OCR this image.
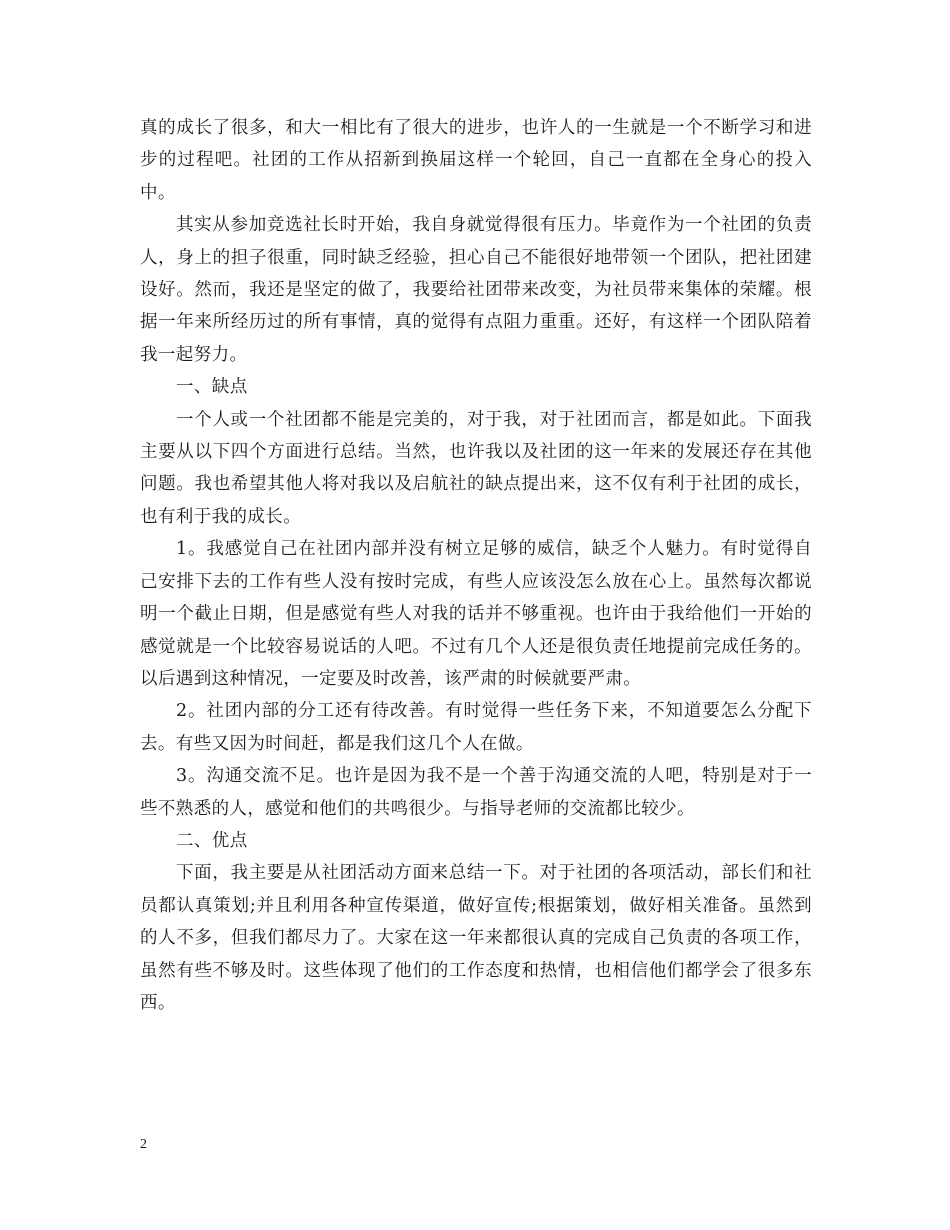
真的成长了很多，和大一相比有了很大的进步，也许人的一生就是一个不断学习和进步的过程吧。社团的工作从招新到换届这样一个轮回，自己一直都在全身心的投入中。

其实从参加竞选社长时开始，我自身就觉得很有压力。毕竟作为一个社团的负责人，身上的担子很重，同时缺乏经验，担心自己不能很好地带领一个团队，把社团建设好。然而，我还是坚定的做了，我要给社团带来改变，为社员带来集体的荣耀。根据一年来所经历过的所有事情，真的觉得有点阻力重重。还好，有这样一个团队陪着我一起努力。

一、缺点

一个人或一个社团都不能是完美的，对于我，对于社团而言，都是如此。下面我主要从以下四个方面进行总结。当然，也许我以及社团的这一年来的发展还存在其他问题。我也希望其他人将对我以及启航社的缺点提出来，这不仅有利于社团的成长，也有利于我的成长。

1。我感觉自己在社团内部并没有树立足够的威信，缺乏个人魅力。有时觉得自己安排下去的工作有些人没有按时完成，有些人应该没怎么放在心上。虽然每次都说明一个截止日期，但是感觉有些人对我的话并不够重视。也许由于我给他们一开始的感觉就是一个比较容易说话的人吧。不过有几个人还是很负责任地提前完成任务的。以后遇到这种情况，一定要及时改善，该严肃的时候就要严肃。

2。社团内部的分工还有待改善。有时觉得一些任务下来，不知道要怎么分配下去。有些又因为时间赶，都是我们这几个人在做。

3。沟通交流不足。也许是因为我不是一个善于沟通交流的人吧，特别是对于一些不熟悉的人，感觉和他们的共鸣很少。与指导老师的交流都比较少。

二、优点

下面，我主要是从社团活动方面来总结一下。对于社团的各项活动，部长们和社员都认真策划;并且利用各种宣传渠道，做好宣传;根据策划，做好相关准备。虽然到的人不多，但我们都尽力了。大家在这一年来都很认真的完成自己负责的各项工作，虽然有些不够及时。这些体现了他们的工作态度和热情，也相信他们都学会了很多东西。

2
